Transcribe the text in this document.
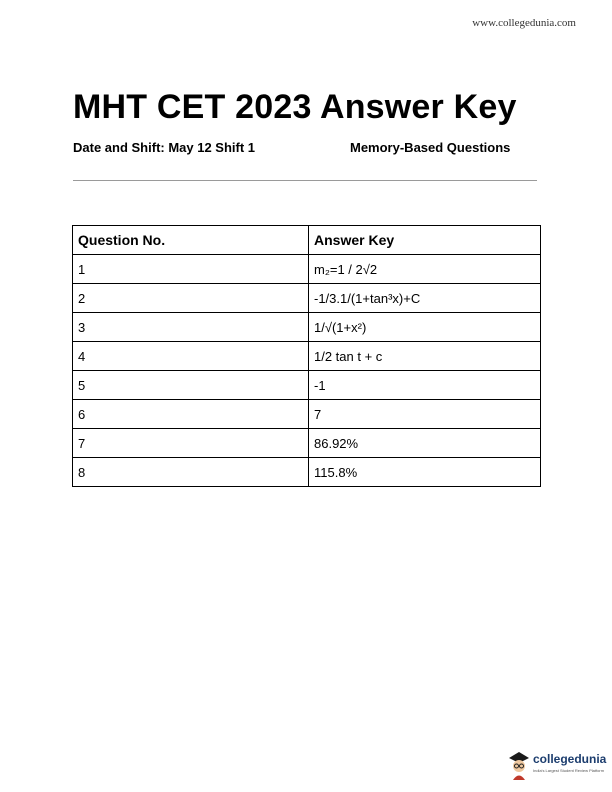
www.collegedunia.com
MHT CET 2023 Answer Key
Date and Shift: May 12 Shift 1	Memory-Based Questions
Question No.	Answer Key
1	m₂=1 / 2√2
2	-1/3.1/(1+tan³x)+C
3	1/√(1+x²)
4	1/2 tan t + c
5	-1
6	7
7	86.92%
8	115.8%
collegedunia
India's Largest Student Review Platform
